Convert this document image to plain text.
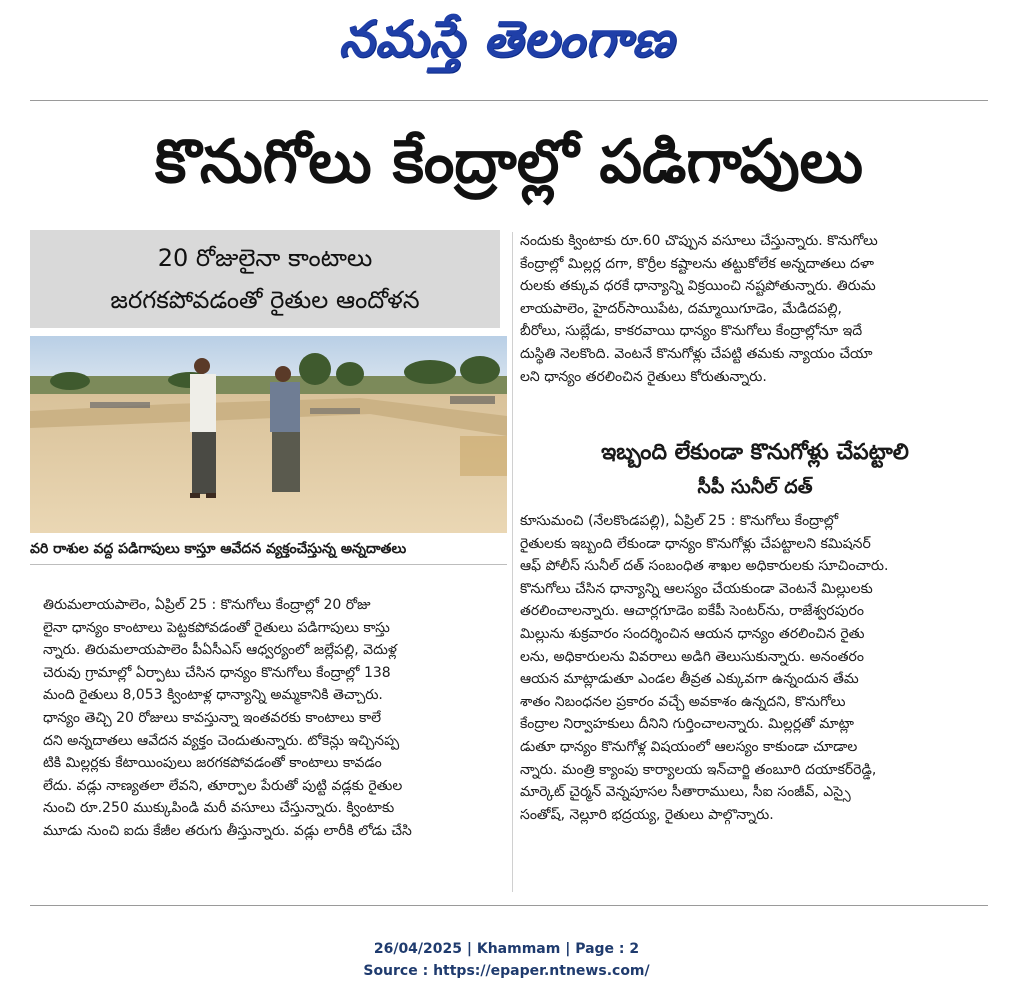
నమస్తే తెలంగాణ
కొనుగోలు కేంద్రాల్లో పడిగాపులు
20 రోజులైనా కాంటాలు
జరగకపోవడంతో రైతుల ఆందోళన
వరి రాశుల వద్ద పడిగాపులు కాస్తూ ఆవేదన వ్యక్తంచేస్తున్న అన్నదాతలు
తిరుమలాయపాలెం, ఏప్రిల్ 25 : కొనుగోలు కేంద్రాల్లో 20 రోజు
లైనా ధాన్యం కాంటాలు పెట్టకపోవడంతో రైతులు పడిగాపులు కాస్తు
న్నారు. తిరుమలాయపాలెం పీఏసీఎస్ ఆధ్వర్యంలో జల్లేపల్లి, వెదుళ్ల
చెరువు గ్రామాల్లో ఏర్పాటు చేసిన ధాన్యం కొనుగోలు కేంద్రాల్లో 138
మంది రైతులు 8,053 క్వింటాళ్ల ధాన్యాన్ని అమ్మకానికి తెచ్చారు.
ధాన్యం తెచ్చి 20 రోజులు కావస్తున్నా ఇంతవరకు కాంటాలు కాలే
దని అన్నదాతలు ఆవేదన వ్యక్తం చెందుతున్నారు. టోకెన్లు ఇచ్చినప్ప
టికి మిల్లర్లకు కేటాయింపులు జరగకపోవడంతో కాంటాలు కావడం
లేదు. వడ్లు నాణ్యతలా లేవని, తూర్పాల పేరుతో పుట్టి వడ్లకు రైతుల
నుంచి రూ.250 ముక్కుపిండి మరీ వసూలు చేస్తున్నారు. క్వింటాకు
మూడు నుంచి ఐదు కేజీల తరుగు తీస్తున్నారు. వడ్లు లారీకి లోడు చేసి
నందుకు క్వింటాకు రూ.60 చొప్పున వసూలు చేస్తున్నారు. కొనుగోలు
కేంద్రాల్లో మిల్లర్ల దగా, కొర్రీల కష్టాలను తట్టుకోలేక అన్నదాతలు దళా
రులకు తక్కువ ధరకే ధాన్యాన్ని విక్రయించి నష్టపోతున్నారు. తిరుమ
లాయపాలెం, హైదర్‌సాయిపేట, దమ్మాయిగూడెం, మేడిదపల్లి,
బీరోలు, సుబ్లేడు, కాకరవాయి ధాన్యం కొనుగోలు కేంద్రాల్లోనూ ఇదే
దుస్థితి నెలకొంది. వెంటనే కొనుగోళ్లు చేపట్టి తమకు న్యాయం చేయా
లని ధాన్యం తరలించిన రైతులు కోరుతున్నారు.
ఇబ్బంది లేకుండా కొనుగోళ్లు చేపట్టాలి
సీపీ సునీల్ దత్
కూసుమంచి (నేలకొండపల్లి), ఏప్రిల్ 25 : కొనుగోలు కేంద్రాల్లో
రైతులకు ఇబ్బంది లేకుండా ధాన్యం కొనుగోళ్లు చేపట్టాలని కమిషనర్
ఆఫ్ పోలీస్ సునీల్ దత్ సంబంధిత శాఖల అధికారులకు సూచించారు.
కొనుగోలు చేసిన ధాన్యాన్ని ఆలస్యం చేయకుండా వెంటనే మిల్లులకు
తరలించాలన్నారు. ఆచార్లగూడెం ఐకేపీ సెంటర్‌ను, రాజేశ్వరపురం
మిల్లును శుక్రవారం సందర్శించిన ఆయన ధాన్యం తరలించిన రైతు
లను, అధికారులను వివరాలు అడిగి తెలుసుకున్నారు. అనంతరం
ఆయన మాట్లాడుతూ ఎండల తీవ్రత ఎక్కువగా ఉన్నందున తేమ
శాతం నిబంధనల ప్రకారం వచ్చే అవకాశం ఉన్నదని, కొనుగోలు
కేంద్రాల నిర్వాహకులు దీనిని గుర్తించాలన్నారు. మిల్లర్లతో మాట్లా
డుతూ ధాన్యం కొనుగోళ్ల విషయంలో ఆలస్యం కాకుండా చూడాల
న్నారు. మంత్రి క్యాంపు కార్యాలయ ఇన్‌చార్జి తంబూరి దయాకర్‌రెడ్డి,
మార్కెట్ చైర్మన్ వెన్నపూసల సీతారాములు, సీఐ సంజీవ్, ఎస్సై
సంతోష్, నెల్లూరి భద్రయ్య, రైతులు పాల్గొన్నారు.
26/04/2025 | Khammam | Page : 2
Source : https://epaper.ntnews.com/
